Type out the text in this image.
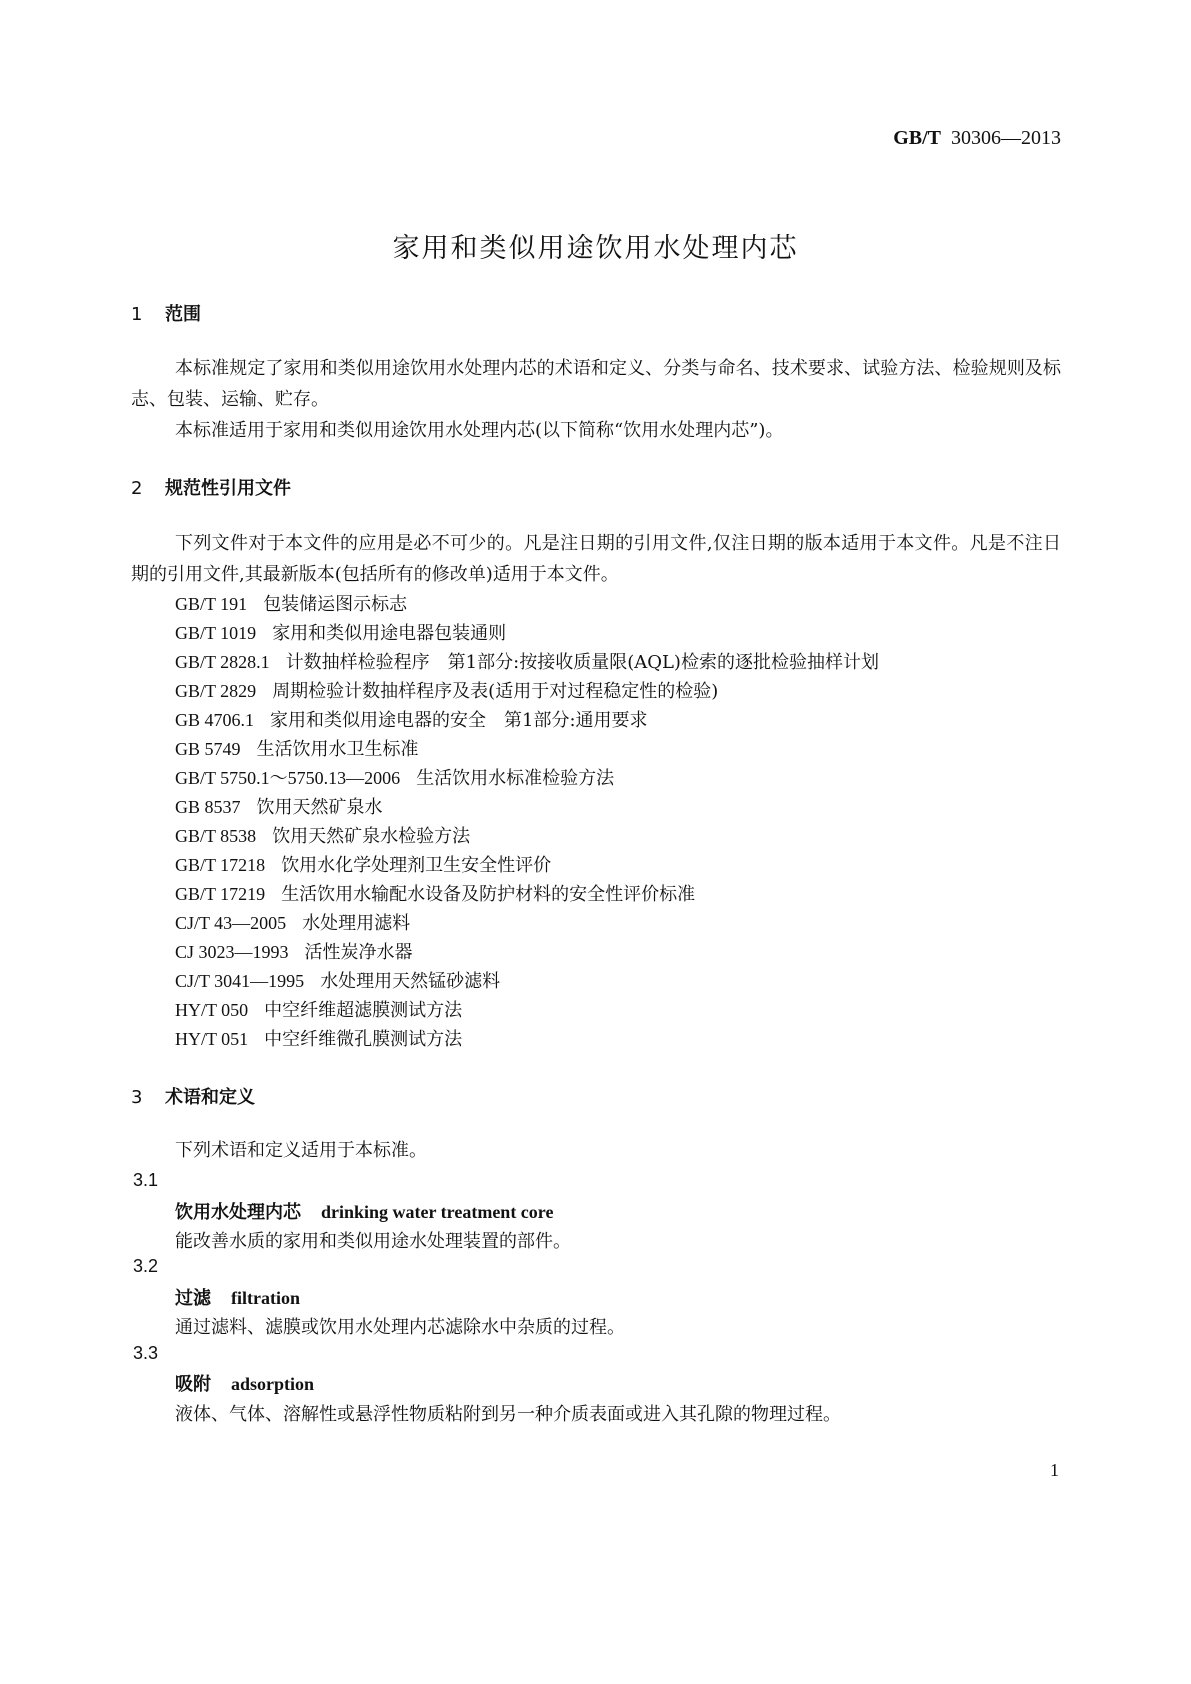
GB/T 30306—2013
家用和类似用途饮用水处理内芯
1 范围
本标准规定了家用和类似用途饮用水处理内芯的术语和定义、分类与命名、技术要求、试验方法、检验规则及标志、包装、运输、贮存。
本标准适用于家用和类似用途饮用水处理内芯(以下简称“饮用水处理内芯”)。
2 规范性引用文件
下列文件对于本文件的应用是必不可少的。凡是注日期的引用文件,仅注日期的版本适用于本文件。凡是不注日期的引用文件,其最新版本(包括所有的修改单)适用于本文件。
GB/T 191 包装储运图示标志
GB/T 1019 家用和类似用途电器包装通则
GB/T 2828.1 计数抽样检验程序　第1部分:按接收质量限(AQL)检索的逐批检验抽样计划
GB/T 2829 周期检验计数抽样程序及表(适用于对过程稳定性的检验)
GB 4706.1 家用和类似用途电器的安全　第1部分:通用要求
GB 5749 生活饮用水卫生标准
GB/T 5750.1～5750.13—2006 生活饮用水标准检验方法
GB 8537 饮用天然矿泉水
GB/T 8538 饮用天然矿泉水检验方法
GB/T 17218 饮用水化学处理剂卫生安全性评价
GB/T 17219 生活饮用水输配水设备及防护材料的安全性评价标准
CJ/T 43—2005 水处理用滤料
CJ 3023—1993 活性炭净水器
CJ/T 3041—1995 水处理用天然锰砂滤料
HY/T 050 中空纤维超滤膜测试方法
HY/T 051 中空纤维微孔膜测试方法
3 术语和定义
下列术语和定义适用于本标准。
3.1
饮用水处理内芯 drinking water treatment core
能改善水质的家用和类似用途水处理装置的部件。
3.2
过滤 filtration
通过滤料、滤膜或饮用水处理内芯滤除水中杂质的过程。
3.3
吸附 adsorption
液体、气体、溶解性或悬浮性物质粘附到另一种介质表面或进入其孔隙的物理过程。
1
